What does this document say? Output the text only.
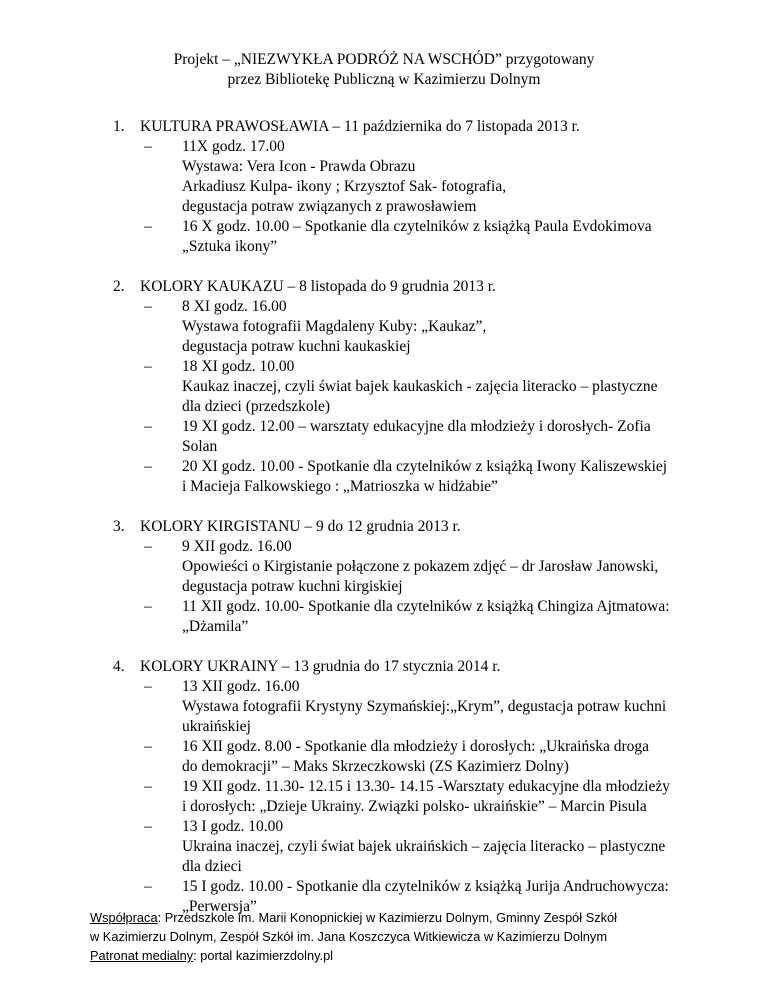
Projekt – „NIEZWYKŁA PODRÓŻ NA WSCHÓD” przygotowany
przez Bibliotekę Publiczną w Kazimierzu Dolnym
1. KULTURA PRAWOSŁAWIA – 11 października do 7 listopada 2013 r.
– 11X godz. 17.00
Wystawa: Vera Icon - Prawda Obrazu
Arkadiusz Kulpa- ikony ; Krzysztof Sak- fotografia,
degustacja potraw związanych z prawosławiem
– 16 X godz. 10.00 – Spotkanie dla czytelników z książką Paula Evdokimova
„Sztuka ikony”
2. KOLORY KAUKAZU – 8 listopada do 9 grudnia 2013 r.
– 8 XI godz. 16.00
Wystawa fotografii Magdaleny Kuby: „Kaukaz”,
degustacja potraw kuchni kaukaskiej
– 18 XI godz. 10.00
Kaukaz inaczej, czyli świat bajek kaukaskich - zajęcia literacko – plastyczne
dla dzieci (przedszkole)
– 19 XI godz. 12.00 – warsztaty edukacyjne dla młodzieży i dorosłych- Zofia
Solan
– 20 XI godz. 10.00 - Spotkanie dla czytelników z książką Iwony Kaliszewskiej
i Macieja Falkowskiego : „Matrioszka w hidżabie”
3. KOLORY KIRGISTANU – 9 do 12 grudnia 2013 r.
– 9 XII godz. 16.00
Opowieści o Kirgistanie połączone z pokazem zdjęć – dr Jarosław Janowski,
degustacja potraw kuchni kirgiskiej
– 11 XII godz. 10.00- Spotkanie dla czytelników z książką Chingiza Ajtmatowa:
„Dżamila”
4. KOLORY UKRAINY – 13 grudnia do 17 stycznia 2014 r.
– 13 XII godz. 16.00
Wystawa fotografii Krystyny Szymańskiej:„Krym”, degustacja potraw kuchni
ukraińskiej
– 16 XII godz. 8.00 - Spotkanie dla młodzieży i dorosłych: „Ukraińska droga
do demokracji” – Maks Skrzeczkowski (ZS Kazimierz Dolny)
– 19 XII godz. 11.30- 12.15 i 13.30- 14.15 -Warsztaty edukacyjne dla młodzieży
i dorosłych: „Dzieje Ukrainy. Związki polsko- ukraińskie” – Marcin Pisula
– 13 I godz. 10.00
Ukraina inaczej, czyli świat bajek ukraińskich – zajęcia literacko – plastyczne
dla dzieci
– 15 I godz. 10.00 - Spotkanie dla czytelników z książką Jurija Andruchowycza:
„Perwersja”
Współpraca: Przedszkole im. Marii Konopnickiej w Kazimierzu Dolnym, Gminny Zespół Szkół
w Kazimierzu Dolnym, Zespół Szkół im. Jana Koszczyca Witkiewicza w Kazimierzu Dolnym
Patronat medialny: portal kazimierzdolny.pl
